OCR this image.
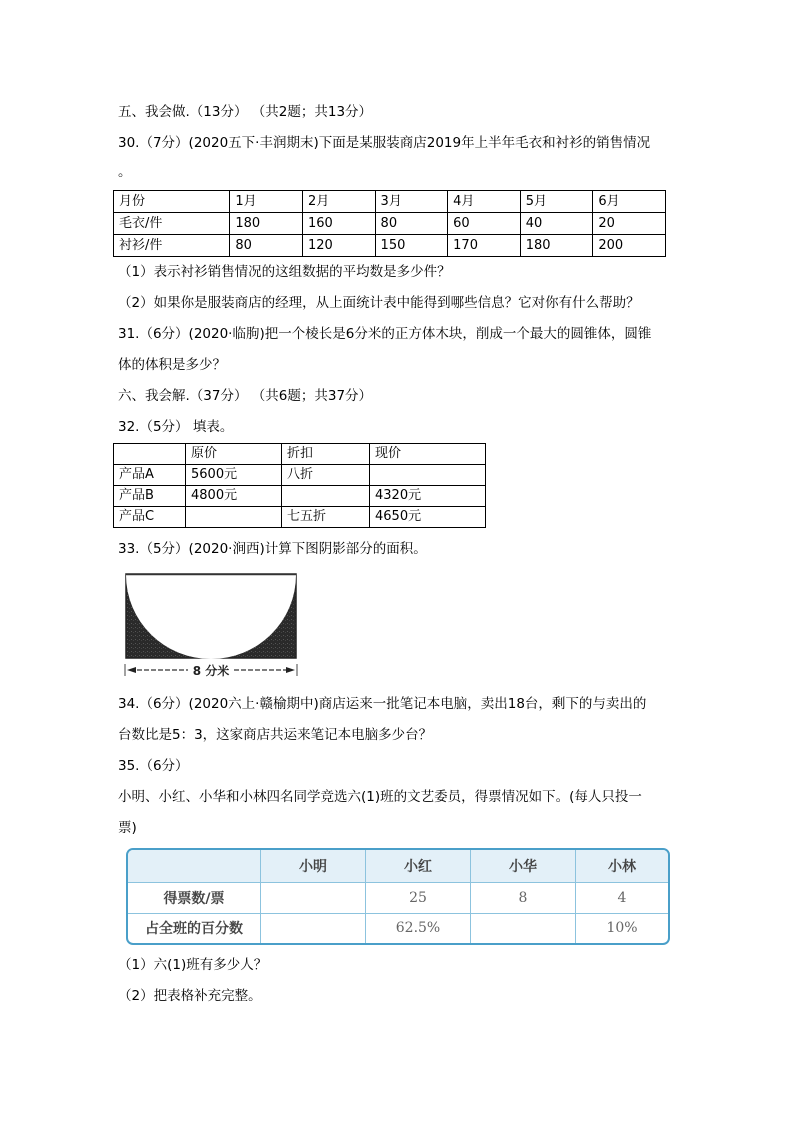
五、我会做.（13分） （共2题；共13分）
30.（7分）(2020五下·丰润期末)下面是某服装商店2019年上半年毛衣和衬衫的销售情况
。
月份	1月	2月	3月	4月	5月	6月
毛衣/件	180	160	80	60	40	20
衬衫/件	80	120	150	170	180	200
（1）表示衬衫销售情况的这组数据的平均数是多少件？
（2）如果你是服装商店的经理，从上面统计表中能得到哪些信息？它对你有什么帮助？
31.（6分）(2020·临朐)把一个棱长是6分米的正方体木块，削成一个最大的圆锥体，圆锥
体的体积是多少？
六、我会解.（37分） （共6题；共37分）
32.（5分） 填表。
	原价	折扣	现价
产品A	5600元	八折	
产品B	4800元		4320元
产品C		七五折	4650元
33.（5分）(2020·涧西)计算下图阴影部分的面积。
8 分米
34.（6分）(2020六上·赣榆期中)商店运来一批笔记本电脑，卖出18台，剩下的与卖出的
台数比是5：3，这家商店共运来笔记本电脑多少台？
35.（6分）
小明、小红、小华和小林四名同学竞选六(1)班的文艺委员，得票情况如下。(每人只投一
票)
	小明	小红	小华	小林
得票数/票		25	8	4
占全班的百分数		62.5%		10%
（1）六(1)班有多少人？
（2）把表格补充完整。
